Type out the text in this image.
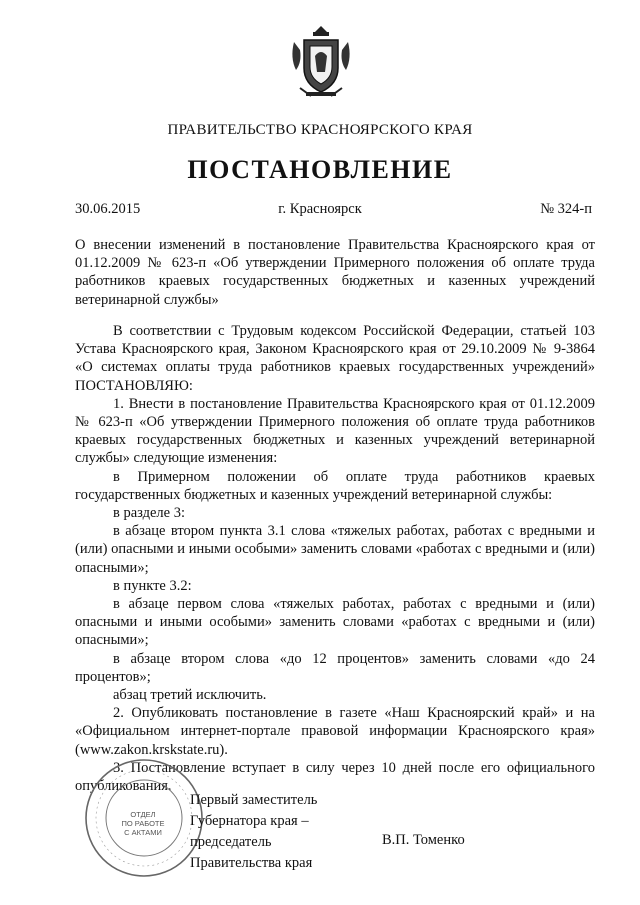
ПРАВИТЕЛЬСТВО КРАСНОЯРСКОГО КРАЯ
ПОСТАНОВЛЕНИЕ
30.06.2015	г. Красноярск	№ 324-п

О внесении изменений в постановление Правительства Красноярского края от 01.12.2009 № 623-п «Об утверждении Примерного положения об оплате труда работников краевых государственных бюджетных и казенных учреждений ветеринарной службы»

В соответствии с Трудовым кодексом Российской Федерации, статьей 103 Устава Красноярского края, Законом Красноярского края от 29.10.2009 № 9-3864 «О системах оплаты труда работников краевых государственных учреждений» ПОСТАНОВЛЯЮ:

1. Внести в постановление Правительства Красноярского края от 01.12.2009 № 623-п «Об утверждении Примерного положения об оплате труда работников краевых государственных бюджетных и казенных учреждений ветеринарной службы» следующие изменения:

в Примерном положении об оплате труда работников краевых государственных бюджетных и казенных учреждений ветеринарной службы:

в разделе 3:

в абзаце втором пункта 3.1 слова «тяжелых работах, работах с вредными и (или) опасными и иными особыми» заменить словами «работах с вредными и (или) опасными»;

в пункте 3.2:

в абзаце первом слова «тяжелых работах, работах с вредными и (или) опасными и иными особыми» заменить словами «работах с вредными и (или) опасными»;

в абзаце втором слова «до 12 процентов» заменить словами «до 24 процентов»;

абзац третий исключить.

2. Опубликовать постановление в газете «Наш Красноярский край» и на «Официальном интернет-портале правовой информации Красноярского края» (www.zakon.krskstate.ru).

3. Постановление вступает в силу через 10 дней после его официального опубликования.

ОТДЕЛ
ПО РАБОТЕ
С АКТАМИ
Первый заместитель
Губернатора края –
председатель
Правительства края
В.П. Томенко
